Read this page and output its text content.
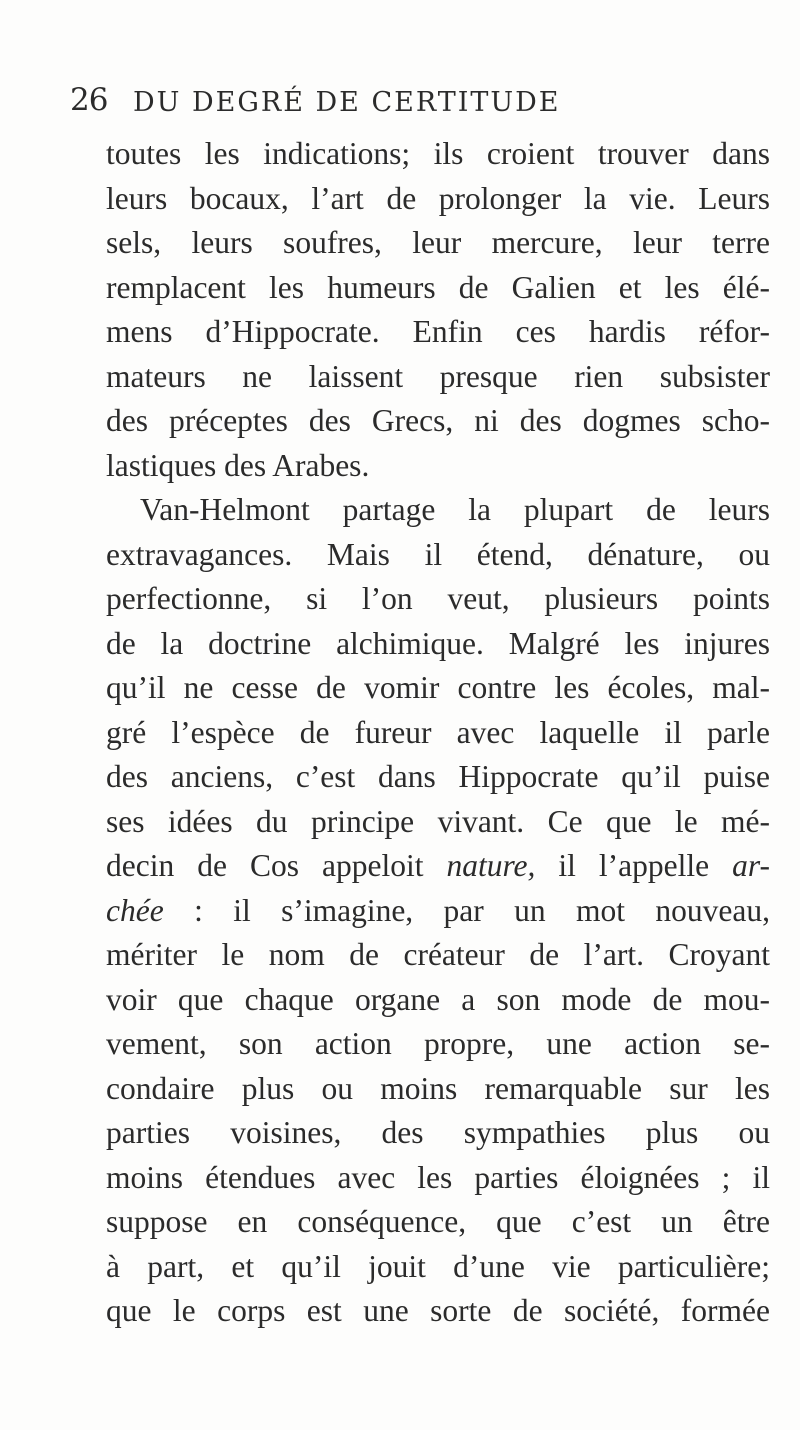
26 DU DEGRÉ DE CERTITUDE
toutes les indications; ils croient trouver dans
leurs bocaux, l’art de prolonger la vie. Leurs
sels, leurs soufres, leur mercure, leur terre
remplacent les humeurs de Galien et les élé-
mens d’Hippocrate. Enfin ces hardis réfor-
mateurs ne laissent presque rien subsister
des préceptes des Grecs, ni des dogmes scho-
lastiques des Arabes.
Van-Helmont partage la plupart de leurs
extravagances. Mais il étend, dénature, ou
perfectionne, si l’on veut, plusieurs points
de la doctrine alchimique. Malgré les injures
qu’il ne cesse de vomir contre les écoles, mal-
gré l’espèce de fureur avec laquelle il parle
des anciens, c’est dans Hippocrate qu’il puise
ses idées du principe vivant. Ce que le mé-
decin de Cos appeloit nature, il l’appelle ar-
chée : il s’imagine, par un mot nouveau,
mériter le nom de créateur de l’art. Croyant
voir que chaque organe a son mode de mou-
vement, son action propre, une action se-
condaire plus ou moins remarquable sur les
parties voisines, des sympathies plus ou
moins étendues avec les parties éloignées ; il
suppose en conséquence, que c’est un être
à part, et qu’il jouit d’une vie particulière;
que le corps est une sorte de société, formée
